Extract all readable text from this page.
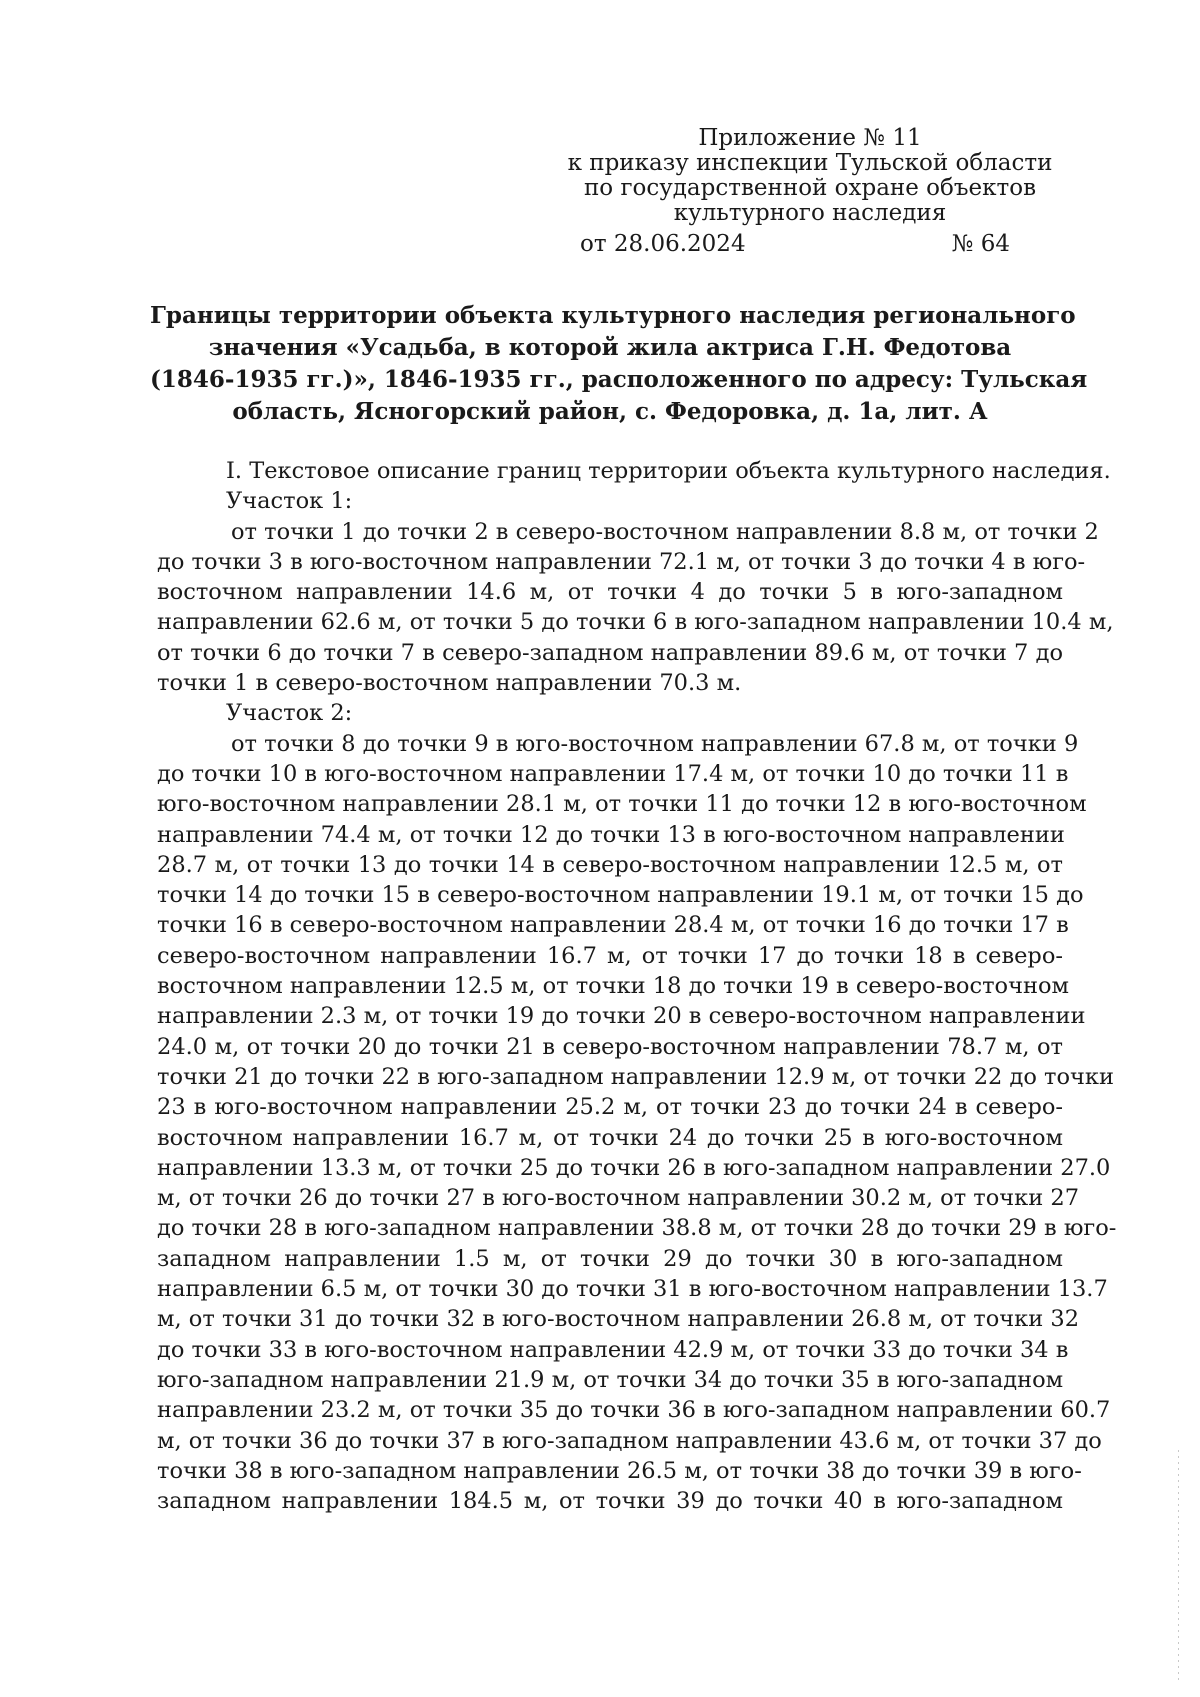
Приложение № 11
к приказу инспекции Тульской области
по государственной охране объектов
культурного наследия
от 28.06.2024	№ 64
Границы территории объекта культурного наследия регионального
значения «Усадьба, в которой жила актриса Г.Н. Федотова
(1846-1935 гг.)», 1846-1935 гг., расположенного по адресу: Тульская
область, Ясногорский район, с. Федоровка, д. 1а, лит. А
I. Текстовое описание границ территории объекта культурного наследия.
Участок 1:
от точки 1 до точки 2 в северо-восточном направлении 8.8 м, от точки 2
до точки 3 в юго-восточном направлении 72.1 м, от точки 3 до точки 4 в юго-
восточном направлении 14.6 м, от точки 4 до точки 5 в юго-западном
направлении 62.6 м, от точки 5 до точки 6 в юго-западном направлении 10.4 м,
от точки 6 до точки 7 в северо-западном направлении 89.6 м, от точки 7 до
точки 1 в северо-восточном направлении 70.3 м.
Участок 2:
от точки 8 до точки 9 в юго-восточном направлении 67.8 м, от точки 9
до точки 10 в юго-восточном направлении 17.4 м, от точки 10 до точки 11 в
юго-восточном направлении 28.1 м, от точки 11 до точки 12 в юго-восточном
направлении 74.4 м, от точки 12 до точки 13 в юго-восточном направлении
28.7 м, от точки 13 до точки 14 в северо-восточном направлении 12.5 м, от
точки 14 до точки 15 в северо-восточном направлении 19.1 м, от точки 15 до
точки 16 в северо-восточном направлении 28.4 м, от точки 16 до точки 17 в
северо-восточном направлении 16.7 м, от точки 17 до точки 18 в северо-
восточном направлении 12.5 м, от точки 18 до точки 19 в северо-восточном
направлении 2.3 м, от точки 19 до точки 20 в северо-восточном направлении
24.0 м, от точки 20 до точки 21 в северо-восточном направлении 78.7 м, от
точки 21 до точки 22 в юго-западном направлении 12.9 м, от точки 22 до точки
23 в юго-восточном направлении 25.2 м, от точки 23 до точки 24 в северо-
восточном направлении 16.7 м, от точки 24 до точки 25 в юго-восточном
направлении 13.3 м, от точки 25 до точки 26 в юго-западном направлении 27.0
м, от точки 26 до точки 27 в юго-восточном направлении 30.2 м, от точки 27
до точки 28 в юго-западном направлении 38.8 м, от точки 28 до точки 29 в юго-
западном направлении 1.5 м, от точки 29 до точки 30 в юго-западном
направлении 6.5 м, от точки 30 до точки 31 в юго-восточном направлении 13.7
м, от точки 31 до точки 32 в юго-восточном направлении 26.8 м, от точки 32
до точки 33 в юго-восточном направлении 42.9 м, от точки 33 до точки 34 в
юго-западном направлении 21.9 м, от точки 34 до точки 35 в юго-западном
направлении 23.2 м, от точки 35 до точки 36 в юго-западном направлении 60.7
м, от точки 36 до точки 37 в юго-западном направлении 43.6 м, от точки 37 до
точки 38 в юго-западном направлении 26.5 м, от точки 38 до точки 39 в юго-
западном направлении 184.5 м, от точки 39 до точки 40 в юго-западном
